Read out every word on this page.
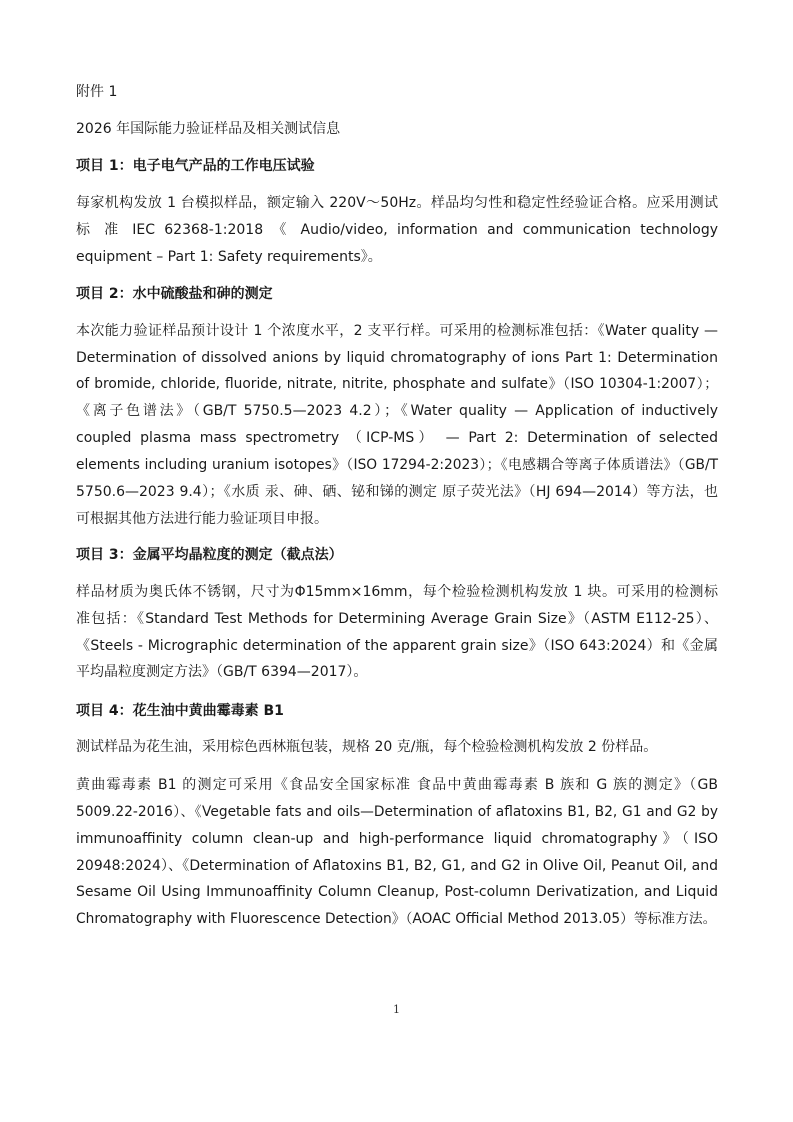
附件 1
2026 年国际能力验证样品及相关测试信息
项目 1：电子电气产品的工作电压试验
每家机构发放 1 台模拟样品，额定输入 220V～50Hz。样品均匀性和稳定性经验证合格。应采用测试
标 准 IEC 62368-1:2018 《 Audio/video, information and communication technology
equipment – Part 1: Safety requirements》。
项目 2：水中硫酸盐和砷的测定
本次能力验证样品预计设计 1 个浓度水平，2 支平行样。可采用的检测标准包括：《Water quality —
Determination of dissolved anions by liquid chromatography of ions Part 1: Determination
of bromide, chloride, fluoride, nitrate, nitrite, phosphate and sulfate》（ISO 10304-1:2007）；
《离子色谱法》（GB/T 5750.5—2023 4.2）；《Water quality — Application of inductively
coupled plasma mass spectrometry （ICP-MS） — Part 2: Determination of selected
elements including uranium isotopes》（ISO 17294-2:2023）；《电感耦合等离子体质谱法》（GB/T
5750.6—2023 9.4）；《水质 汞、砷、硒、铋和锑的测定 原子荧光法》（HJ 694—2014）等方法，也
可根据其他方法进行能力验证项目申报。
项目 3：金属平均晶粒度的测定（截点法）
样品材质为奥氏体不锈钢，尺寸为Φ15mm×16mm，每个检验检测机构发放 1 块。可采用的检测标
准包括：《Standard Test Methods for Determining Average Grain Size》（ASTM E112-25）、
《Steels - Micrographic determination of the apparent grain size》（ISO 643:2024）和《金属
平均晶粒度测定方法》（GB/T 6394—2017）。
项目 4：花生油中黄曲霉毒素 B1
测试样品为花生油，采用棕色西林瓶包装，规格 20 克/瓶，每个检验检测机构发放 2 份样品。
黄曲霉毒素 B1 的测定可采用《食品安全国家标准 食品中黄曲霉毒素 B 族和 G 族的测定》（GB
5009.22-2016）、《Vegetable fats and oils—Determination of aflatoxins B1, B2, G1 and G2 by
immunoaffinity column clean-up and high-performance liquid chromatography》（ISO
20948:2024）、《Determination of Aflatoxins B1, B2, G1, and G2 in Olive Oil, Peanut Oil, and
Sesame Oil Using Immunoaffinity Column Cleanup, Post-column Derivatization, and Liquid
Chromatography with Fluorescence Detection》（AOAC Official Method 2013.05）等标准方法。
1
